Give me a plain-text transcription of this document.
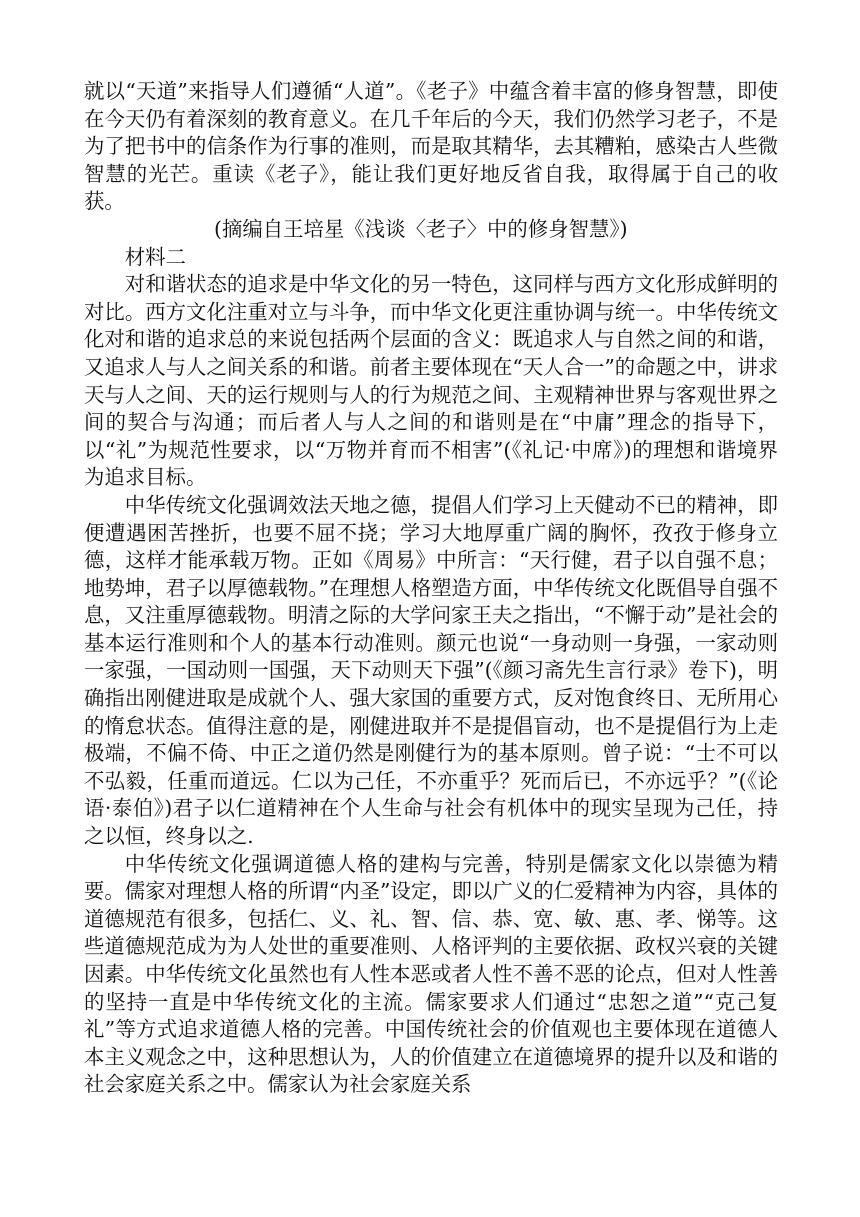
就以“天道”来指导人们遵循“人道”。《老子》中蕴含着丰富的修身智慧，即使在今天仍有着深刻的教育意义。在几千年后的今天，我们仍然学习老子，不是为了把书中的信条作为行事的准则，而是取其精华，去其糟粕，感染古人些微智慧的光芒。重读《老子》，能让我们更好地反省自我，取得属于自己的收获。

(摘编自王培星《浅谈〈老子〉中的修身智慧》)

材料二

对和谐状态的追求是中华文化的另一特色，这同样与西方文化形成鲜明的对比。西方文化注重对立与斗争，而中华文化更注重协调与统一。中华传统文化对和谐的追求总的来说包括两个层面的含义：既追求人与自然之间的和谐，又追求人与人之间关系的和谐。前者主要体现在“天人合一”的命题之中，讲求天与人之间、天的运行规则与人的行为规范之间、主观精神世界与客观世界之间的契合与沟通；而后者人与人之间的和谐则是在“中庸”理念的指导下，以“礼”为规范性要求，以“万物并育而不相害”(《礼记·中席》)的理想和谐境界为追求目标。

中华传统文化强调效法天地之德，提倡人们学习上天健动不已的精神，即便遭遇困苦挫折，也要不屈不挠；学习大地厚重广阔的胸怀，孜孜于修身立德，这样才能承载万物。正如《周易》中所言：“天行健，君子以自强不息；地势坤，君子以厚德载物。”在理想人格塑造方面，中华传统文化既倡导自强不息，又注重厚德载物。明清之际的大学问家王夫之指出，“不懈于动”是社会的基本运行准则和个人的基本行动准则。颜元也说“一身动则一身强，一家动则一家强，一国动则一国强，天下动则天下强”(《颜习斋先生言行录》卷下)，明确指出刚健进取是成就个人、强大家国的重要方式，反对饱食终日、无所用心的惰怠状态。值得注意的是，刚健进取并不是提倡盲动，也不是提倡行为上走极端，不偏不倚、中正之道仍然是刚健行为的基本原则。曾子说：“士不可以不弘毅，任重而道远。仁以为己任，不亦重乎？死而后已，不亦远乎？”(《论语·泰伯》)君子以仁道精神在个人生命与社会有机体中的现实呈现为己任，持之以恒，终身以之.

中华传统文化强调道德人格的建构与完善，特别是儒家文化以崇德为精要。儒家对理想人格的所谓“内圣”设定，即以广义的仁爱精神为内容，具体的道德规范有很多，包括仁、义、礼、智、信、恭、宽、敏、惠、孝、悌等。这些道德规范成为为人处世的重要准则、人格评判的主要依据、政权兴衰的关键因素。中华传统文化虽然也有人性本恶或者人性不善不恶的论点，但对人性善的坚持一直是中华传统文化的主流。儒家要求人们通过“忠恕之道”“克己复礼”等方式追求道德人格的完善。中国传统社会的价值观也主要体现在道德人本主义观念之中，这种思想认为，人的价值建立在道德境界的提升以及和谐的社会家庭关系之中。儒家认为社会家庭关系
